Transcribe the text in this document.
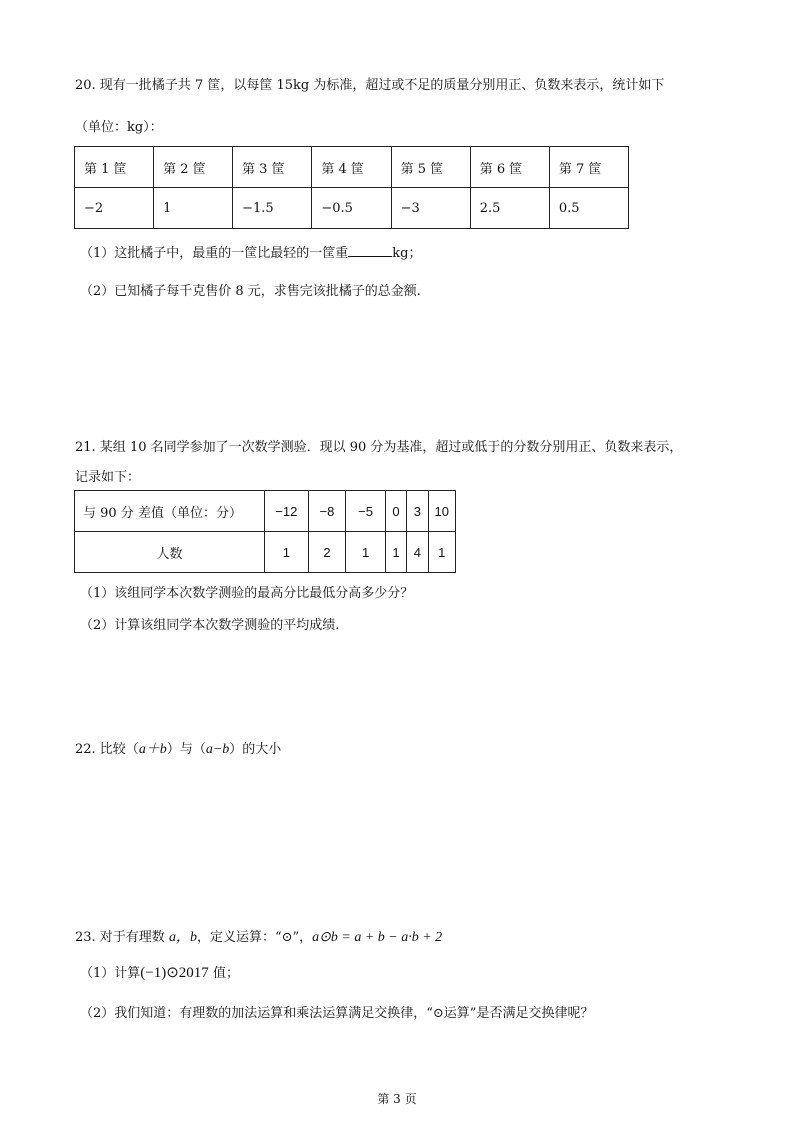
20. 现有一批橘子共 7 筐，以每筐 15kg 为标准，超过或不足的质量分别用正、负数来表示，统计如下
（单位：kg）：
第 1 筐	第 2 筐	第 3 筐	第 4 筐	第 5 筐	第 6 筐	第 7 筐
−2	1	−1.5	−0.5	−3	2.5	0.5
（1）这批橘子中，最重的一筐比最轻的一筐重	kg；
（2）已知橘子每千克售价 8 元，求售完该批橘子的总金额.
21. 某组 10 名同学参加了一次数学测验．现以 90 分为基准，超过或低于的分数分别用正、负数来表示，
记录如下：
与 90 分 差值（单位：分）	−12	−8	−5	0	3	10
人数	1	2	1	1	4	1
（1）该组同学本次数学测验的最高分比最低分高多少分？
（2）计算该组同学本次数学测验的平均成绩.
22. 比较（a＋b）与（a−b）的大小
23. 对于有理数 a，b，定义运算：“⊙”，a⊙b = a + b − a·b + 2
（1）计算(−1)⊙2017 值；
（2）我们知道：有理数的加法运算和乘法运算满足交换律，“⊙运算”是否满足交换律呢？
第 3 页
